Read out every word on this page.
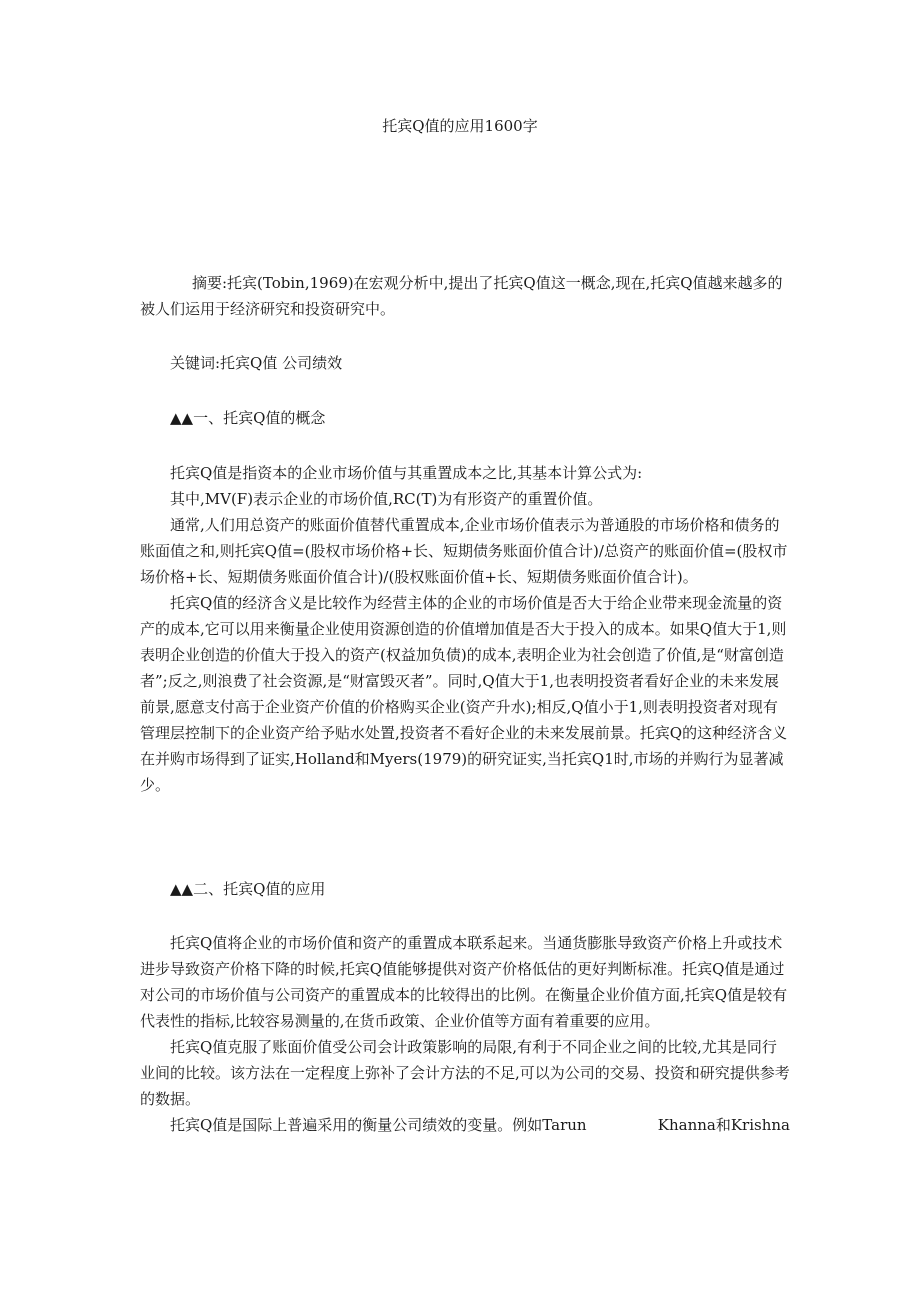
托宾Q值的应用1600字

摘要:托宾(Tobin,1969)在宏观分析中,提出了托宾Q值这一概念,现在,托宾Q值越来越多的被人们运用于经济研究和投资研究中。

关键词:托宾Q值 公司绩效

▲▲一、托宾Q值的概念

托宾Q值是指资本的企业市场价值与其重置成本之比,其基本计算公式为:

其中,MV(F)表示企业的市场价值,RC(T)为有形资产的重置价值。

通常,人们用总资产的账面价值替代重置成本,企业市场价值表示为普通股的市场价格和债务的账面值之和,则托宾Q值=(股权市场价格+长、短期债务账面价值合计)/总资产的账面价值=(股权市场价格+长、短期债务账面价值合计)/(股权账面价值+长、短期债务账面价值合计)。

托宾Q值的经济含义是比较作为经营主体的企业的市场价值是否大于给企业带来现金流量的资产的成本,它可以用来衡量企业使用资源创造的价值增加值是否大于投入的成本。如果Q值大于1,则表明企业创造的价值大于投入的资产(权益加负债)的成本,表明企业为社会创造了价值,是“财富创造者”;反之,则浪费了社会资源,是“财富毁灭者”。同时,Q值大于1,也表明投资者看好企业的未来发展前景,愿意支付高于企业资产价值的价格购买企业(资产升水);相反,Q值小于1,则表明投资者对现有管理层控制下的企业资产给予贴水处置,投资者不看好企业的未来发展前景。托宾Q的这种经济含义在并购市场得到了证实,Holland和Myers(1979)的研究证实,当托宾Q1时,市场的并购行为显著减少。

▲▲二、托宾Q值的应用

托宾Q值将企业的市场价值和资产的重置成本联系起来。当通货膨胀导致资产价格上升或技术进步导致资产价格下降的时候,托宾Q值能够提供对资产价格低估的更好判断标准。托宾Q值是通过对公司的市场价值与公司资产的重置成本的比较得出的比例。在衡量企业价值方面,托宾Q值是较有代表性的指标,比较容易测量的,在货币政策、企业价值等方面有着重要的应用。

托宾Q值克服了账面价值受公司会计政策影响的局限,有利于不同企业之间的比较,尤其是同行业间的比较。该方法在一定程度上弥补了会计方法的不足,可以为公司的交易、投资和研究提供参考的数据。

托宾Q值是国际上普遍采用的衡量公司绩效的变量。例如Tarun	Khanna和Krishna
